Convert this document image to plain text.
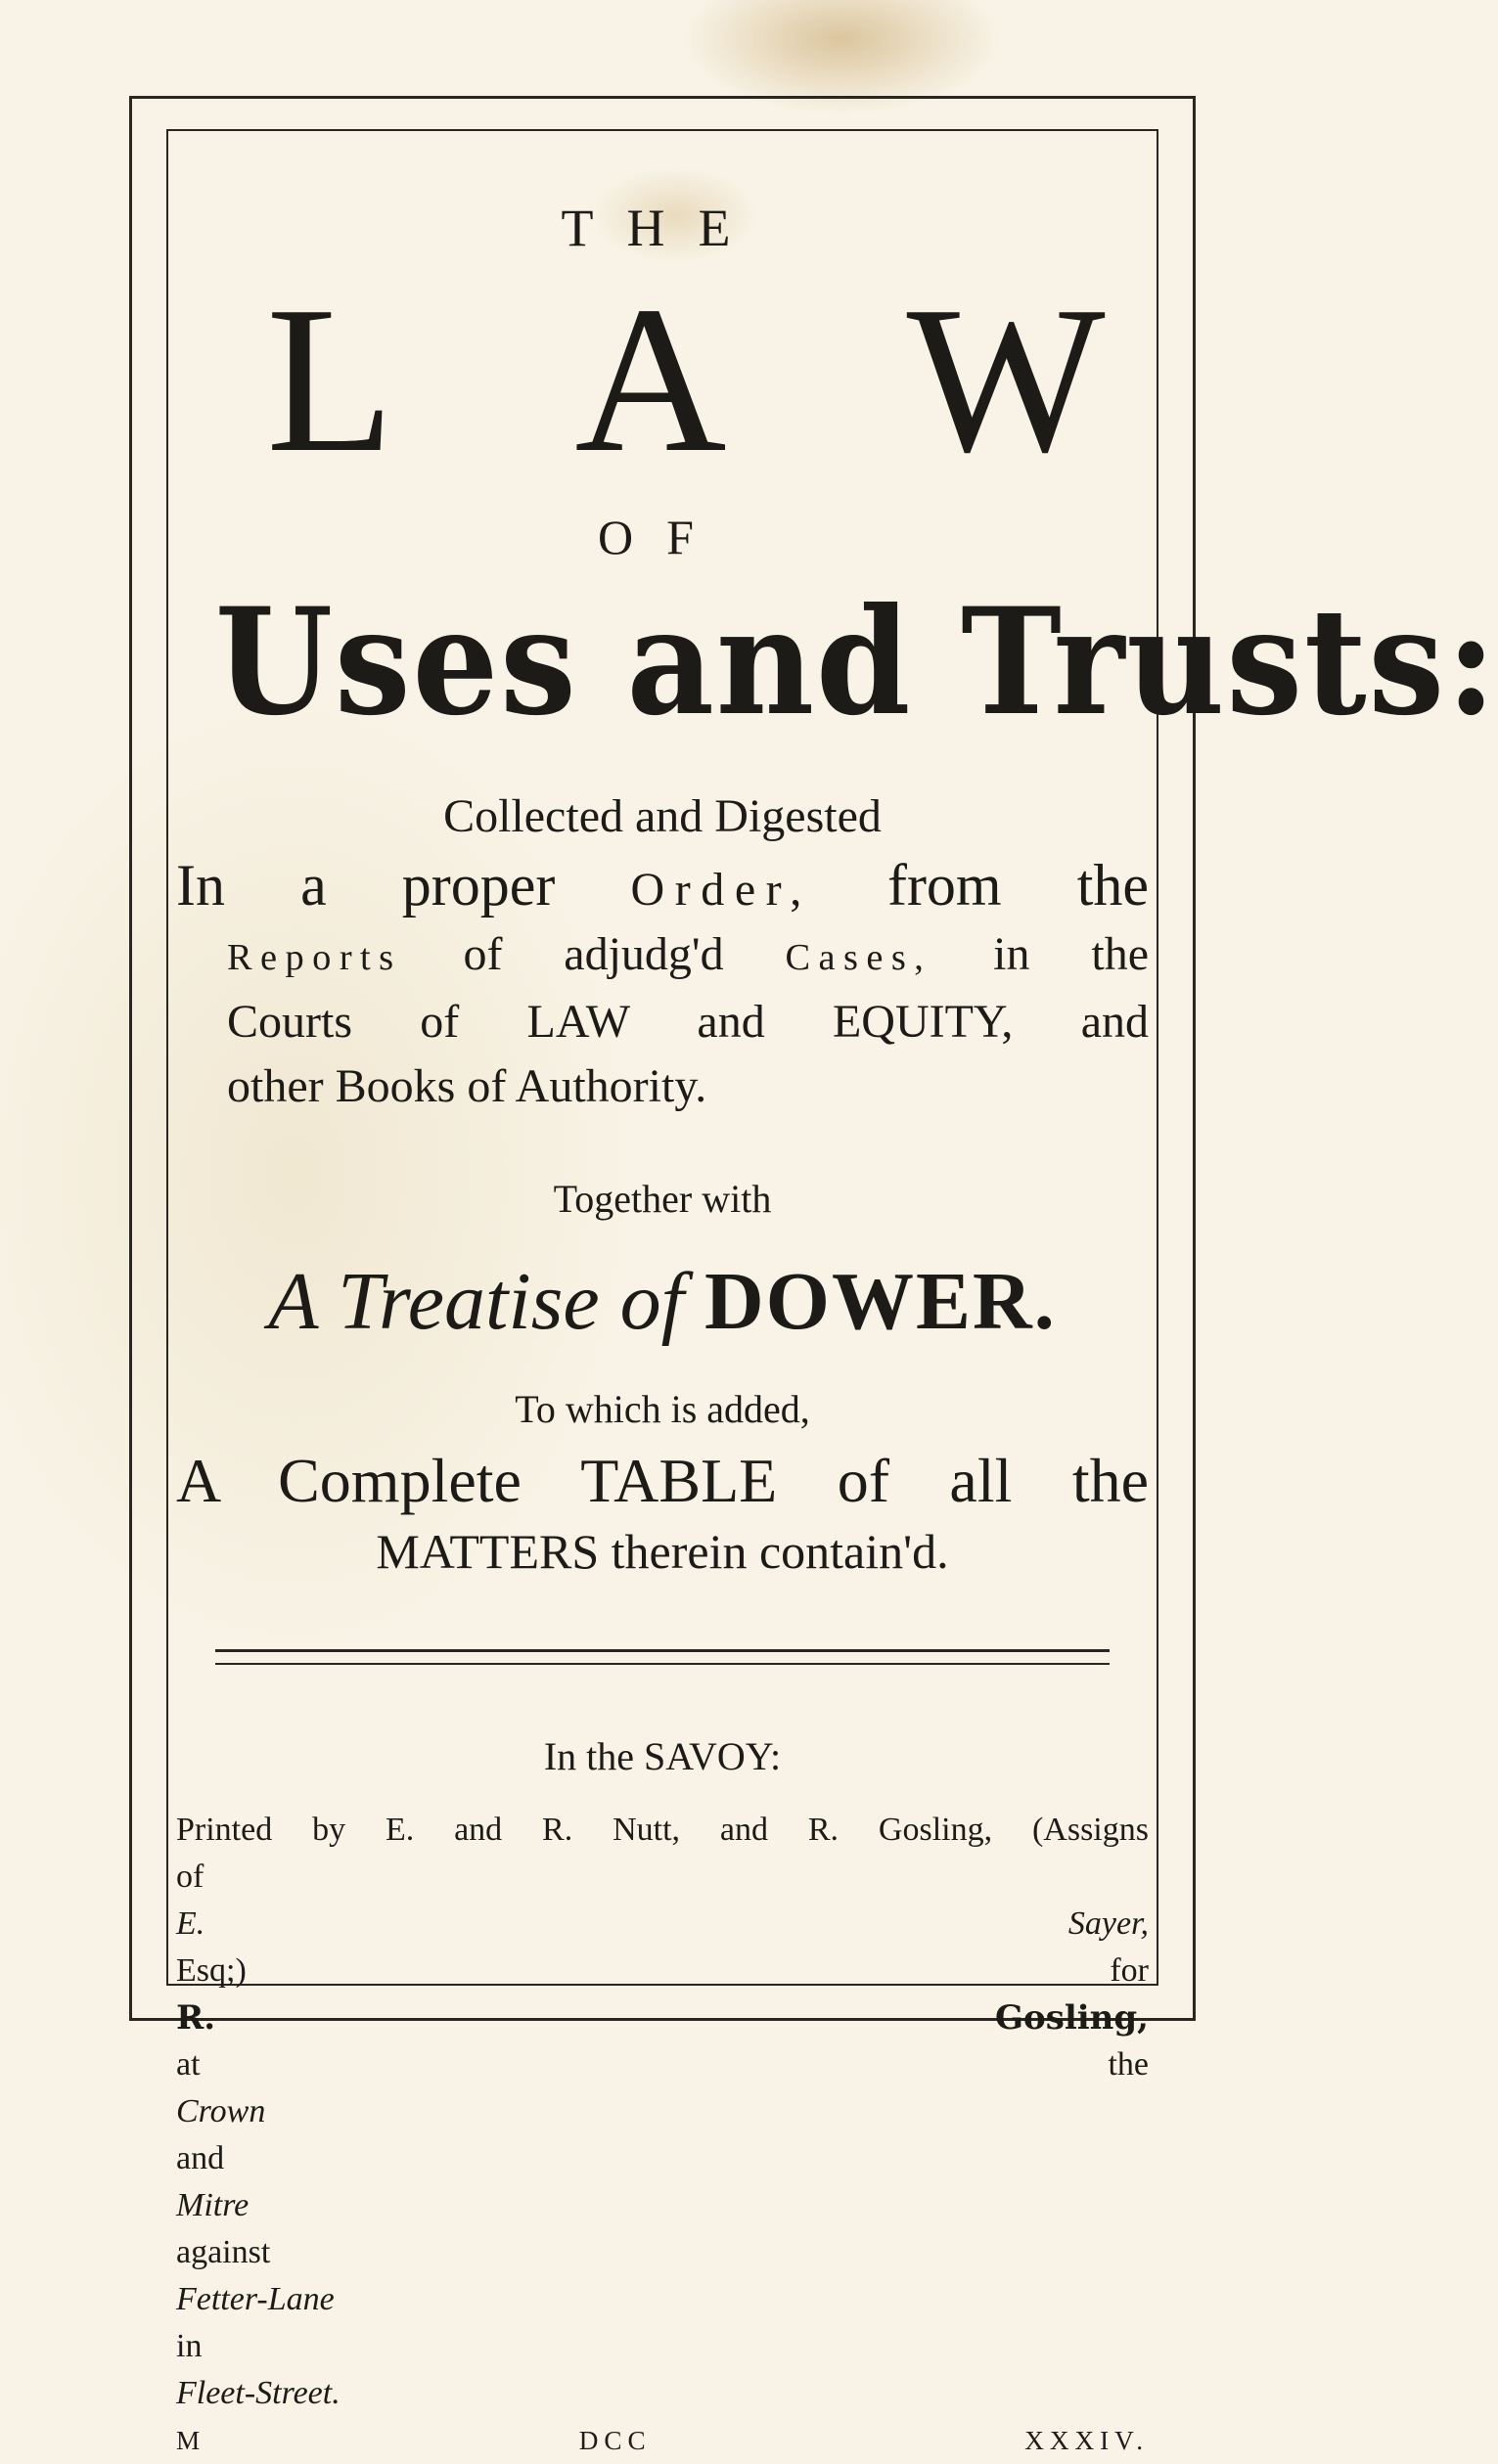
THE
L A W
OF
Uses and Trusts:
Collected and Digested
In a proper Order, from the
Reports of adjudg'd Cases, in the
Courts of LAW and EQUITY, and
other Books of Authority.
Together with
A Treatise of DOWER.
To which is added,
A Complete TABLE of all the
MATTERS therein contain'd.
In the SAVOY:
Printed by E. and R. Nutt, and R. Gosling, (Assigns
of
E. Sayer,
Esq;) for
R. Gosling,
at the
Crown
and
Mitre
against
Fetter-Lane
in
Fleet-Street.
M DCC XXXIV.
